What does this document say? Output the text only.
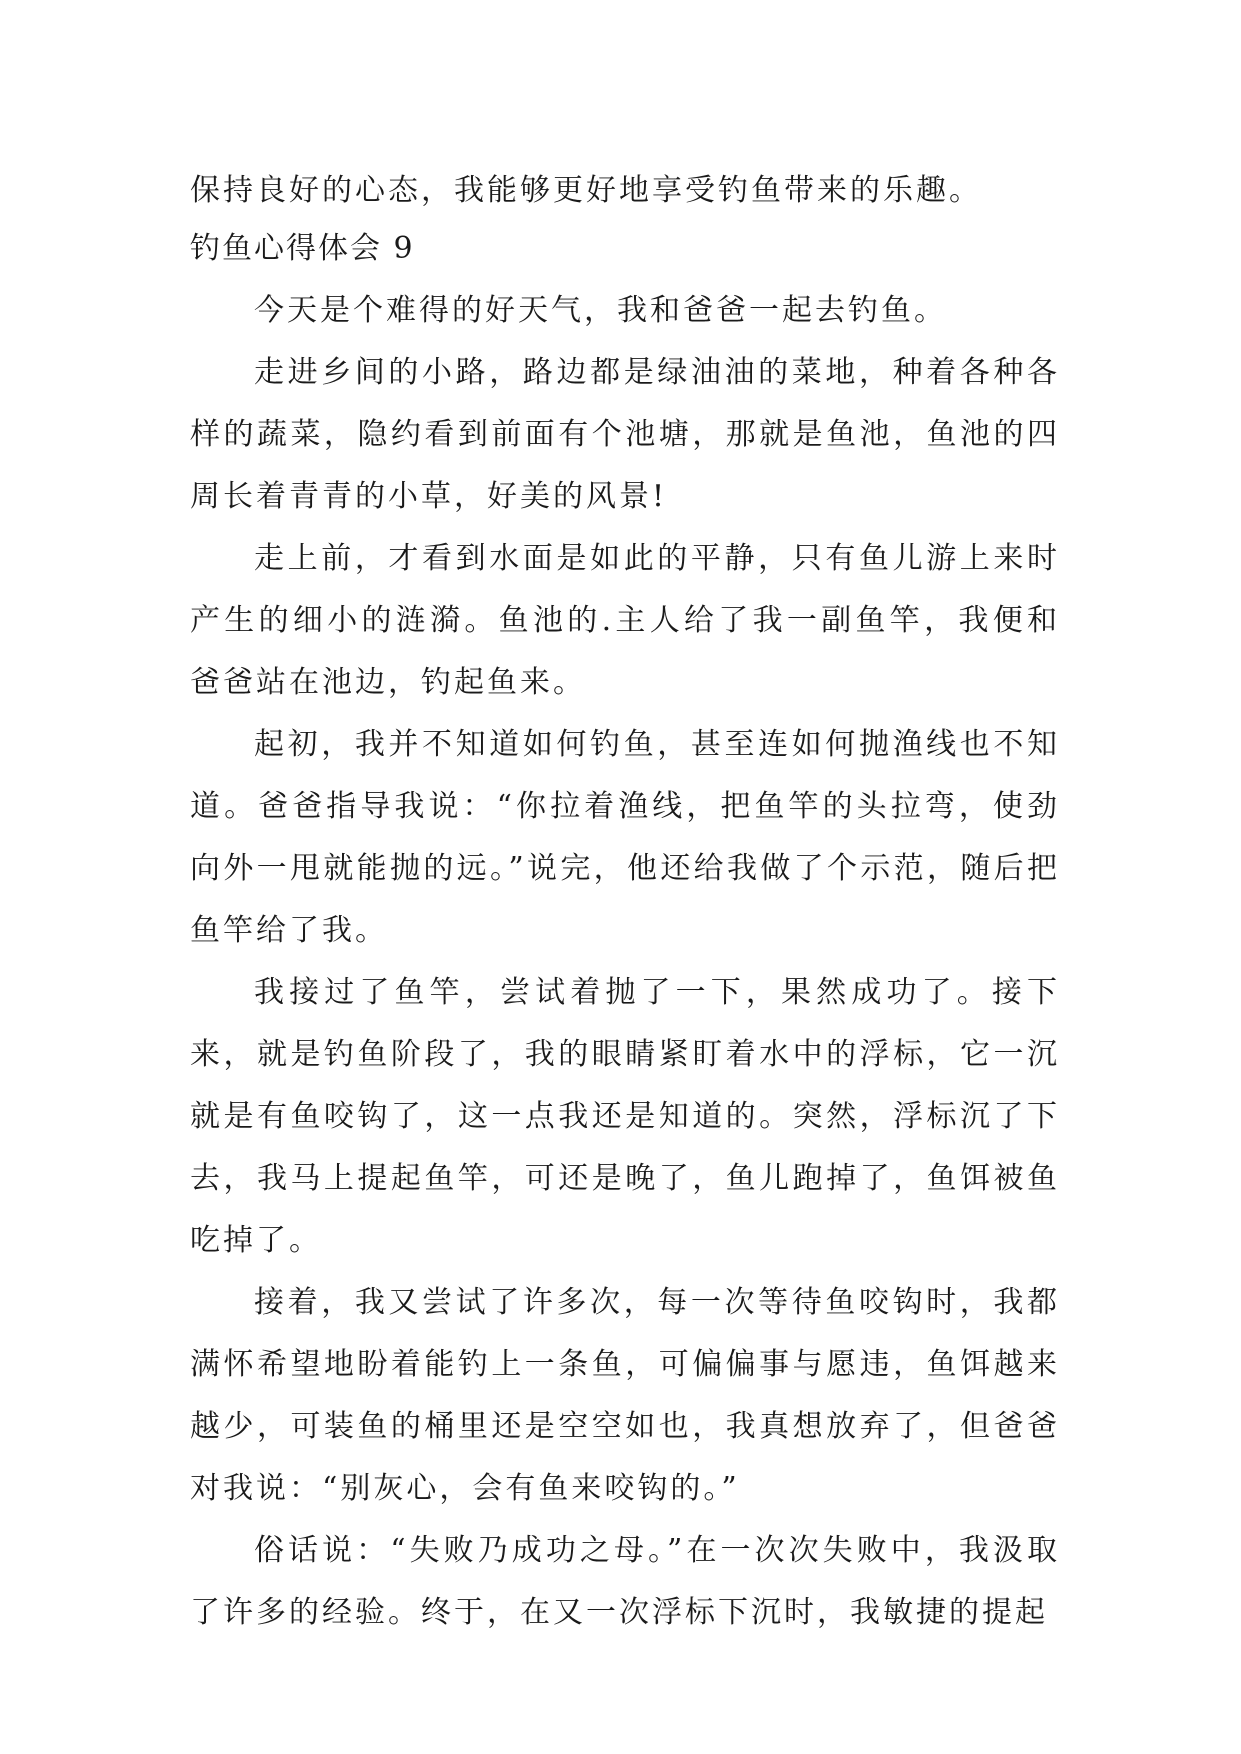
保持良好的心态，我能够更好地享受钓鱼带来的乐趣。

钓鱼心得体会 9

今天是个难得的好天气，我和爸爸一起去钓鱼。

走进乡间的小路，路边都是绿油油的菜地，种着各种各样的蔬菜，隐约看到前面有个池塘，那就是鱼池，鱼池的四周长着青青的小草，好美的风景!

走上前，才看到水面是如此的平静，只有鱼儿游上来时产生的细小的涟漪。鱼池的.主人给了我一副鱼竿，我便和爸爸站在池边，钓起鱼来。

起初，我并不知道如何钓鱼，甚至连如何抛渔线也不知道。爸爸指导我说：“你拉着渔线，把鱼竿的头拉弯，使劲向外一甩就能抛的远。”说完，他还给我做了个示范，随后把鱼竿给了我。

我接过了鱼竿，尝试着抛了一下，果然成功了。接下来，就是钓鱼阶段了，我的眼睛紧盯着水中的浮标，它一沉就是有鱼咬钩了，这一点我还是知道的。突然，浮标沉了下去，我马上提起鱼竿，可还是晚了，鱼儿跑掉了，鱼饵被鱼吃掉了。

接着，我又尝试了许多次，每一次等待鱼咬钩时，我都满怀希望地盼着能钓上一条鱼，可偏偏事与愿违，鱼饵越来越少，可装鱼的桶里还是空空如也，我真想放弃了，但爸爸对我说：“别灰心，会有鱼来咬钩的。”

俗话说：“失败乃成功之母。”在一次次失败中，我汲取了许多的经验。终于，在又一次浮标下沉时，我敏捷的提起
